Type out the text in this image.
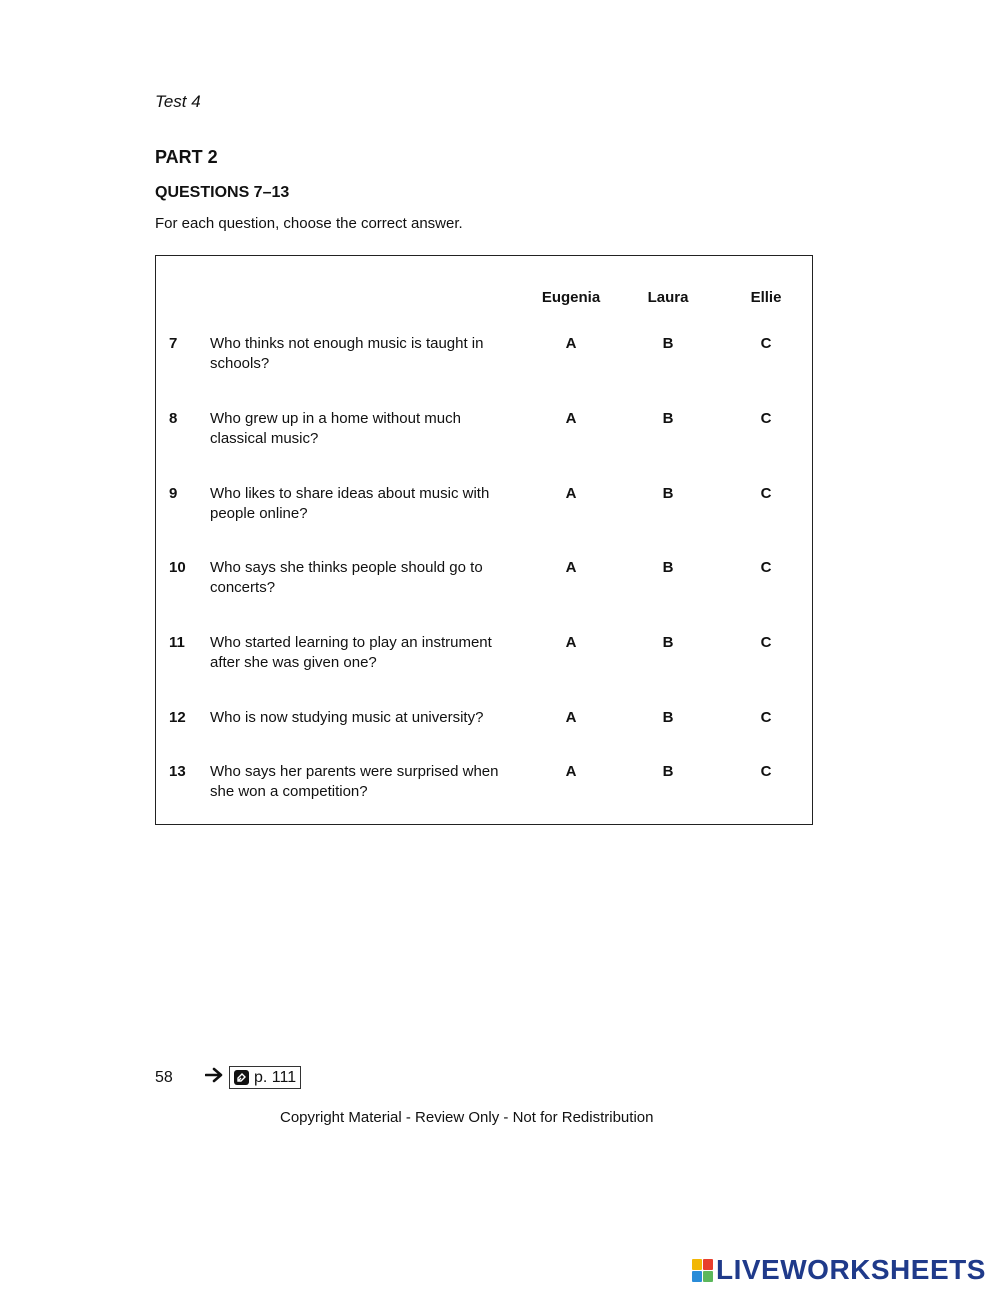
Test 4
PART 2
QUESTIONS 7–13
For each question, choose the correct answer.
Eugenia	Laura	Ellie
7 Who thinks not enough music is taught in schools?
A	B	C
8 Who grew up in a home without much classical music?
A	B	C
9 Who likes to share ideas about music with people online?
A	B	C
10 Who says she thinks people should go to concerts?
A	B	C
11 Who started learning to play an instrument after she was given one?
A	B	C
12 Who is now studying music at university?	A	B	C
13 Who says her parents were surprised when she won a competition?
A	B	C
58	p. 111
Copyright Material - Review Only - Not for Redistribution
LIVEWORKSHEETS
